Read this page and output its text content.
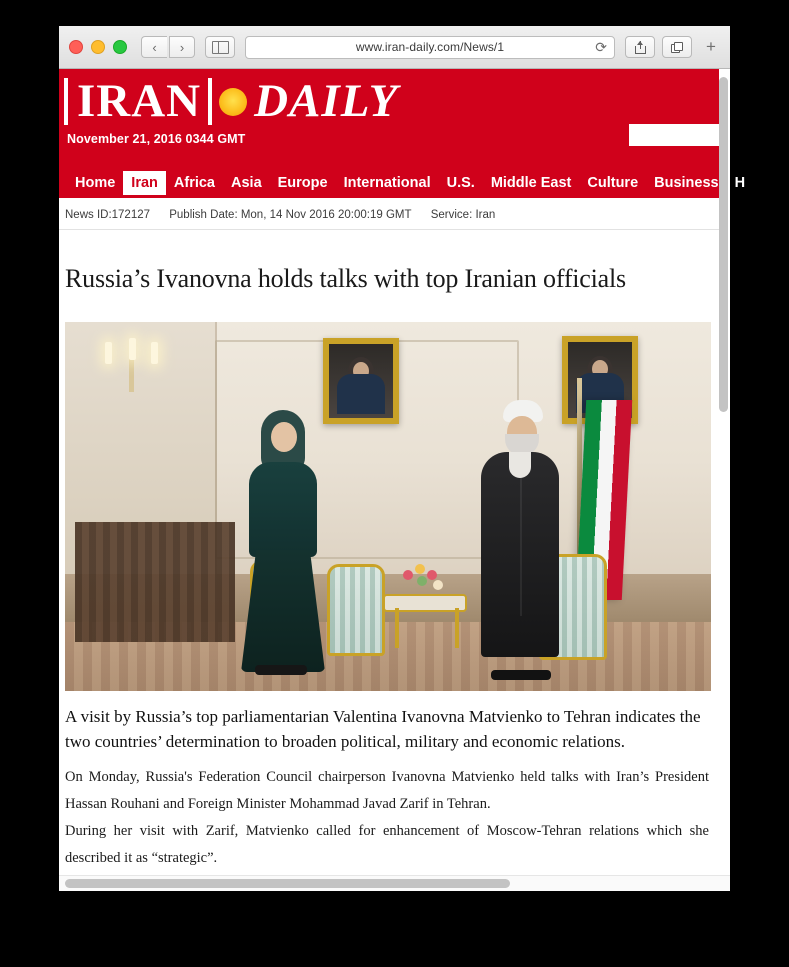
‹ ›	www.iran-daily.com/News/1	⟳	+
IRAN DAILY
November 21, 2016 0344 GMT
Home	Iran	Africa	Asia	Europe	International	U.S.	Middle East	Culture	Business	H
News ID:172127 Publish Date: Mon, 14 Nov 2016 20:00:19 GMT Service: Iran
Russia’s Ivanovna holds talks with top Iranian officials

A visit by Russia’s top parliamentarian Valentina Ivanovna Matvienko to Tehran indicates the two countries’ determination to broaden political, military and economic relations.

On Monday, Russia's Federation Council chairperson Ivanovna Matvienko held talks with Iran’s President Hassan Rouhani and Foreign Minister Mohammad Javad Zarif in Tehran.

During her visit with Zarif, Matvienko called for enhancement of Moscow-Tehran relations which she described it as “strategic”.
